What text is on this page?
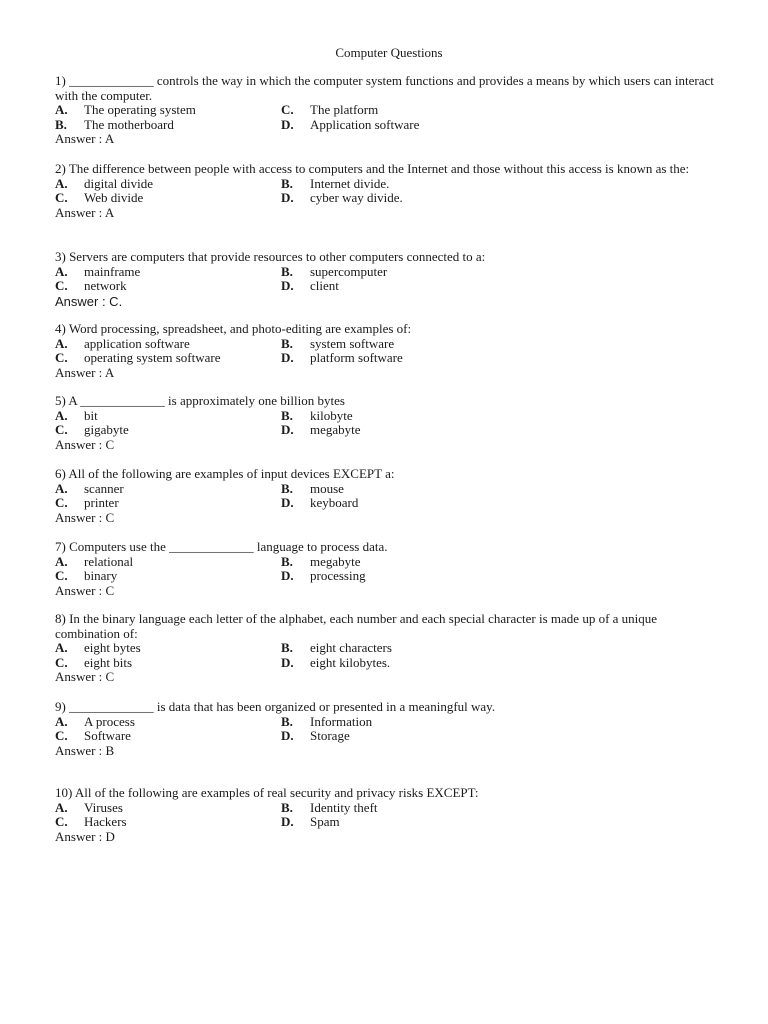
Computer Questions
1) _____________ controls the way in which the computer system functions and provides a means by which users can interact with the computer.
A.	The operating system	C.	The platform
B.	The motherboard	D.	Application software
Answer : A
2) The difference between people with access to computers and the Internet and those without this access is known as the:
A.	digital divide	B.	Internet divide.
C.	Web divide	D.	cyber way divide.
Answer : A
3) Servers are computers that provide resources to other computers connected to a:
A.	mainframe	B.	supercomputer
C.	network	D.	client
Answer : C.
4) Word processing, spreadsheet, and photo-editing are examples of:
A.	application software	B.	system software
C.	operating system software	D.	platform software
Answer : A
5) A _____________ is approximately one billion bytes
A.	bit	B.	kilobyte
C.	gigabyte	D.	megabyte
Answer : C
6) All of the following are examples of input devices EXCEPT a:
A.	scanner	B.	mouse
C.	printer	D.	keyboard
Answer : C
7) Computers use the _____________ language to process data.
A.	relational	B.	megabyte
C.	binary	D.	processing
Answer : C
8) In the binary language each letter of the alphabet, each number and each special character is made up of a unique combination of:
A.	eight bytes	B.	eight characters
C.	eight bits	D.	eight kilobytes.
Answer : C
9) _____________ is data that has been organized or presented in a meaningful way.
A.	A process	B.	Information
C.	Software	D.	Storage
Answer : B
10) All of the following are examples of real security and privacy risks EXCEPT:
A.	Viruses	B.	Identity theft
C.	Hackers	D.	Spam
Answer : D
